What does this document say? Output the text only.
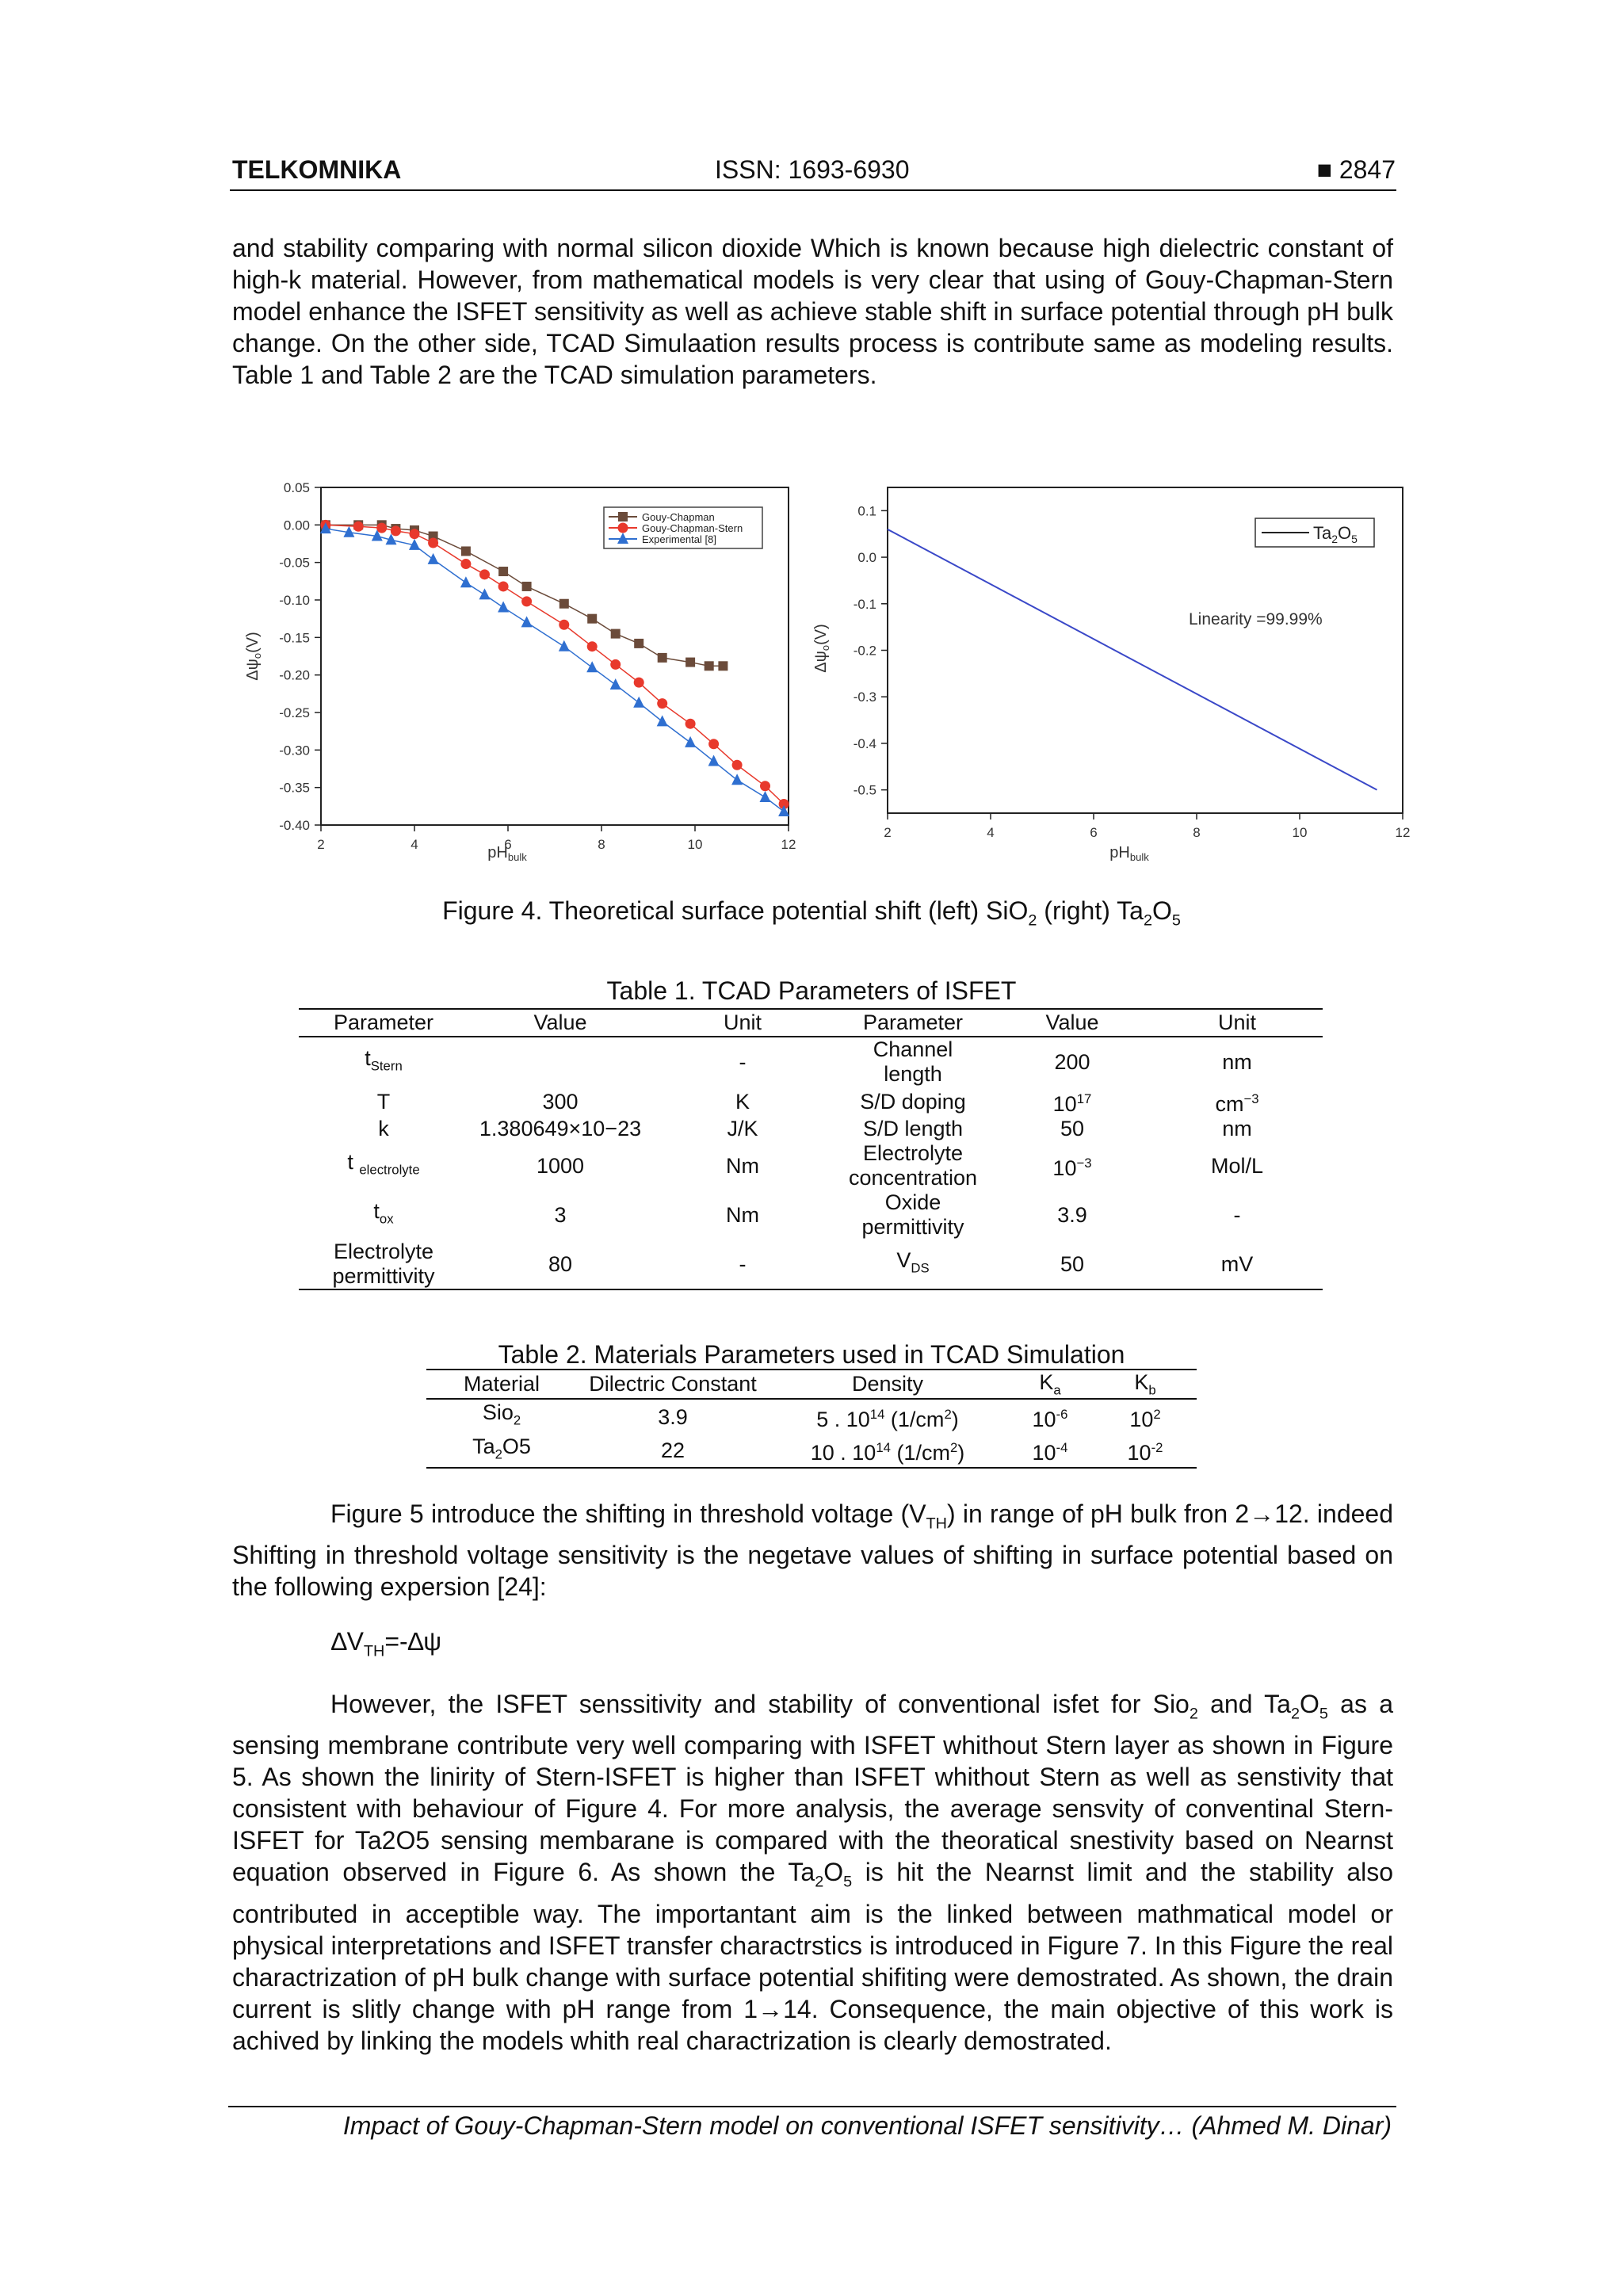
TELKOMNIKA	ISSN: 1693-6930	■ 2847

and stability comparing with normal silicon dioxide Which is known because high dielectric constant of high-k material. However, from mathematical models is very clear that using of Gouy-Chapman-Stern model enhance the ISFET sensitivity as well as achieve stable shift in surface potential through pH bulk change. On the other side, TCAD Simulaation results process is contribute same as modeling results. Table 1 and Table 2 are the TCAD simulation parameters.

0.05
0.00
-0.05
-0.10
-0.15
-0.20
-0.25
-0.30
-0.35
-0.40
2	4	6	8	10	12
Gouy-Chapman
Gouy-Chapman-Stern
Experimental [8]
$pH_{bulk}$
$\Delta\psi_o(V)$
0.1
0.0
-0.1
-0.2
-0.3
-0.4
-0.5
2	4	6	8	10	12
$Ta_2O_5$
Linearity =99.99%
$pH_{bulk}$
$\Delta\psi_o(V)$
Figure 4. Theoretical surface potential shift (left) SiO$_2$ (right) $Ta_2O_5$
Table 1. TCAD Parameters of ISFET
Parameter	Value	Unit	Parameter	Value	Unit
$t_{Stern}$		-	Channel length	200	nm
T	300	K	S/D doping	$10^{17}$	$cm^{-3}$
k	1.380649×10−23	J/K	S/D length	50	nm
t $_{electrolyte}$	1000	Nm	Electrolyte concentration	$10^{-3}$	Mol/L
$t_{ox}$	3	Nm	Oxide permittivity	3.9	-

Electrolyte permittivity	80	-	$V_{DS}$	50	mV
Table 2. Materials Parameters used in TCAD Simulation
Material	Dilectric Constant	Density	$K_a$	$K_b$
Sio$_2$	3.9	5 . $10^{14}$ $(1/cm^2)$	$10^{-6}$	$10^2$
$Ta_2O5$	22	10 . $10^{14}$ $(1/cm^2)$	$10^{-4}$	$10^{-2}$

Figure 5 introduce the shifting in threshold voltage $(V_{TH})$ in range of pH bulk fron 2→12. indeed Shifting in threshold voltage sensitivity is the negetave values of shifting in surface potential based on the following expersion [24]:

$\Delta V_{TH}=-\Delta\psi$

However, the ISFET senssitivity and stability of conventional isfet for Sio$_2$ and $Ta_2O_5$ as a sensing membrane contribute very well comparing with ISFET whithout Stern layer as shown in Figure 5. As shown the linirity of Stern-ISFET is higher than ISFET whithout Stern as well as senstivity that consistent with behaviour of Figure 4. For more analysis, the average sensvity of conventinal Stern-ISFET for Ta2O5 sensing membarane is compared with the theoratical snestivity based on Nearnst equation observed in Figure 6. As shown the $Ta_2O_5$ is hit the Nearnst limit and the stability also contributed in acceptible way. The importantant aim is the linked between mathmatical model or physical interpretations and ISFET transfer charactrstics is introduced in Figure 7. In this Figure the real charactrization of pH bulk change with surface potential shifiting were demostrated. As shown, the drain current is slitly change with pH range from 1→14. Consequence, the main objective of this work is achived by linking the models whith real charactrization is clearly demostrated.

Impact of Gouy-Chapman-Stern model on conventional ISFET sensitivity… (Ahmed M. Dinar)
